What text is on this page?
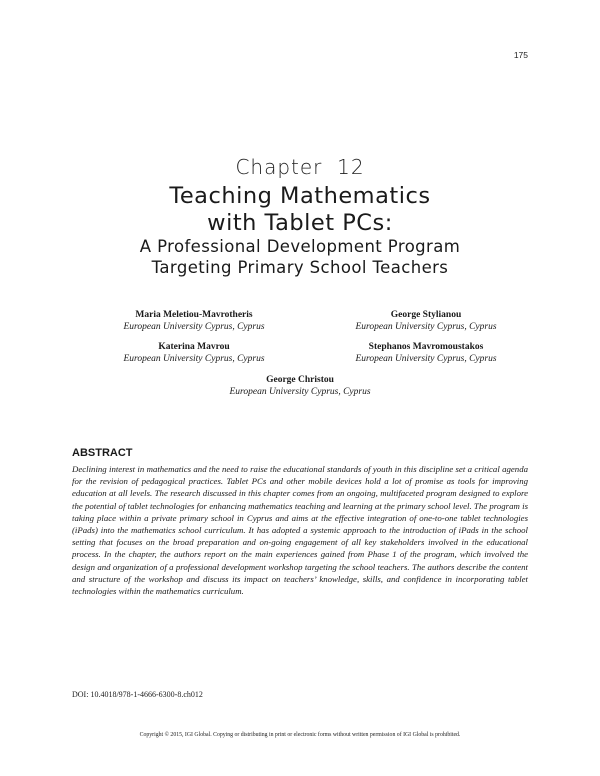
175
Chapter  12
Teaching Mathematics
with Tablet PCs:
A Professional Development Program
Targeting Primary School Teachers
Maria Meletiou-Mavrotheris
European University Cyprus, Cyprus
George Stylianou
European University Cyprus, Cyprus
Katerina Mavrou
European University Cyprus, Cyprus
Stephanos Mavromoustakos
European University Cyprus, Cyprus
George Christou
European University Cyprus, Cyprus
ABSTRACT

Declining interest in mathematics and the need to raise the educational standards of youth in this discipline set a critical agenda for the revision of pedagogical practices. Tablet PCs and other mobile devices hold a lot of promise as tools for improving education at all levels. The research discussed in this chapter comes from an ongoing, multifaceted program designed to explore the potential of tablet technologies for enhancing mathematics teaching and learning at the primary school level. The program is taking place within a private primary school in Cyprus and aims at the effective integration of one-to-one tablet technologies (iPads) into the mathematics school curriculum. It has adopted a systemic approach to the introduction of iPads in the school setting that focuses on the broad preparation and on-going engagement of all key stakeholders involved in the educational process. In the chapter, the authors report on the main experiences gained from Phase 1 of the program, which involved the design and organization of a professional development workshop targeting the school teachers. The authors describe the content and structure of the workshop and discuss its impact on teachers’ knowledge, skills, and confidence in incorporating tablet technologies within the mathematics curriculum.

DOI: 10.4018/978-1-4666-6300-8.ch012
Copyright © 2015, IGI Global. Copying or distributing in print or electronic forms without written permission of IGI Global is prohibited.
